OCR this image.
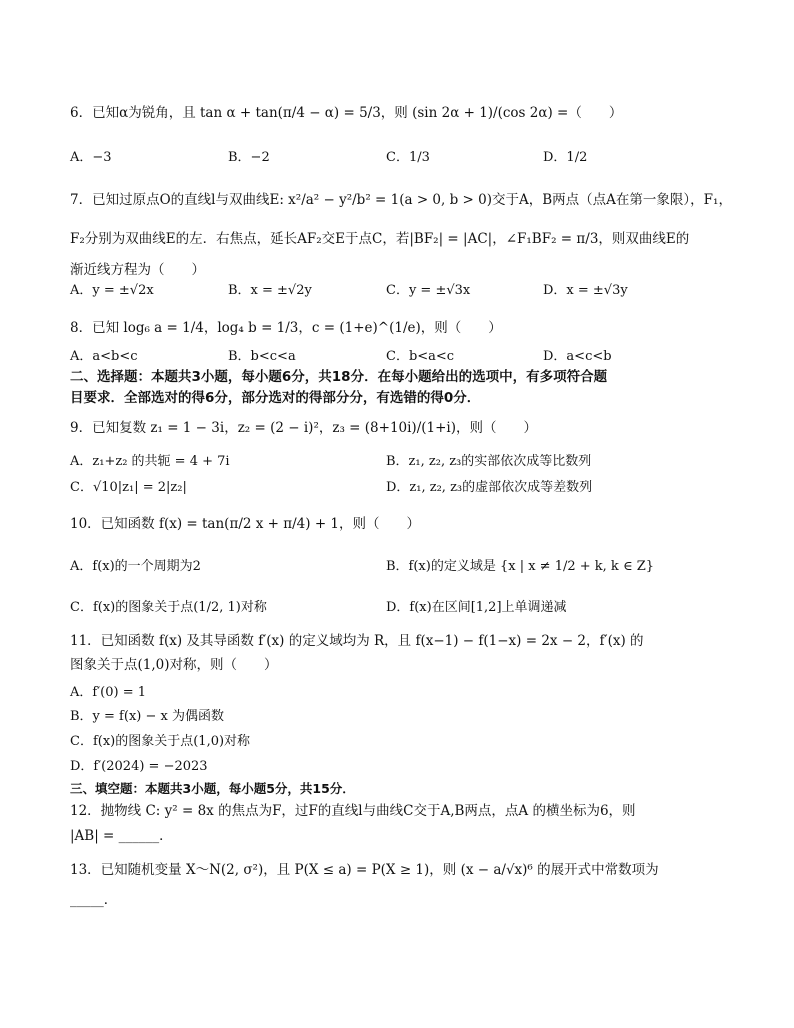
6．已知α为锐角，且 tan α + tan(π/4 − α) = 5/3，则 (sin 2α + 1)/(cos 2α) =（　　）
A．−3	B．−2	C．1/3	D．1/2
7．已知过原点O的直线l与双曲线E: x²/a² − y²/b² = 1(a > 0, b > 0)交于A，B两点（点A在第一象限），F₁，
F₂分别为双曲线E的左．右焦点，延长AF₂交E于点C，若|BF₂| = |AC|，∠F₁BF₂ = π/3，则双曲线E的
渐近线方程为（　　）
A．y = ±√2x	B．x = ±√2y	C．y = ±√3x	D．x = ±√3y
8．已知 log₆ a = 1/4，log₄ b = 1/3，c = (1+e)^(1/e)，则（　　）
A．a<b<c	B．b<c<a	C．b<a<c	D．a<c<b
二、选择题：本题共3小题，每小题6分，共18分．在每小题给出的选项中，有多项符合题
目要求．全部选对的得6分，部分选对的得部分分，有选错的得0分．
9．已知复数 z₁ = 1 − 3i，z₂ = (2 − i)²，z₃ = (8+10i)/(1+i)，则（　　）
A．z₁+z₂ 的共轭 = 4 + 7i	B．z₁, z₂, z₃的实部依次成等比数列
C．√10|z₁| = 2|z₂|	D．z₁, z₂, z₃的虚部依次成等差数列
10．已知函数 f(x) = tan(π/2 x + π/4) + 1，则（　　）
A．f(x)的一个周期为2	B．f(x)的定义域是 {x | x ≠ 1/2 + k, k ∈ Z}
C．f(x)的图象关于点(1/2, 1)对称	D．f(x)在区间[1,2]上单调递减
11．已知函数 f(x) 及其导函数 f′(x) 的定义域均为 R，且 f(x−1) − f(1−x) = 2x − 2，f′(x) 的
图象关于点(1,0)对称，则（　　）
A．f′(0) = 1
B．y = f(x) − x 为偶函数
C．f(x)的图象关于点(1,0)对称
D．f′(2024) = −2023
三、填空题：本题共3小题，每小题5分，共15分．
12．抛物线 C: y² = 8x 的焦点为F，过F的直线l与曲线C交于A,B两点，点A 的横坐标为6，则
|AB| = ______．
13．已知随机变量 X～N(2, σ²)，且 P(X ≤ a) = P(X ≥ 1)，则 (x − a/√x)⁶ 的展开式中常数项为
_____．
